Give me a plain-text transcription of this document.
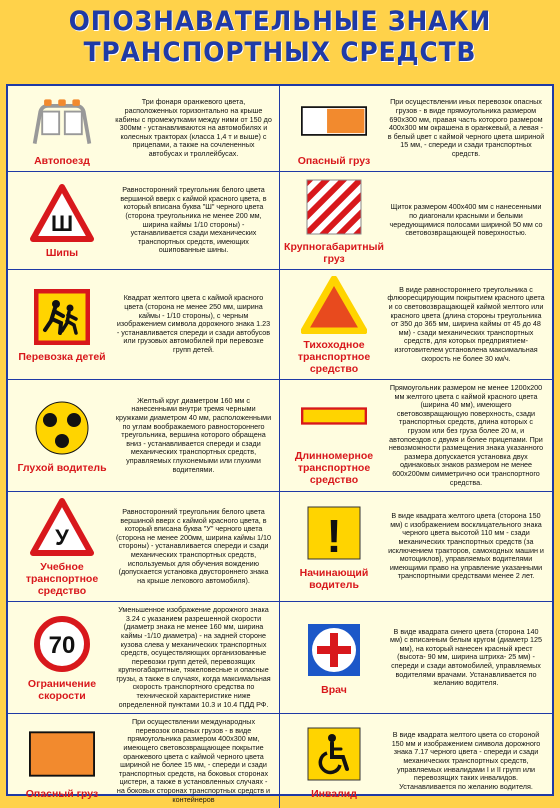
ОПОЗНАВАТЕЛЬНЫЕ ЗНАКИ
ТРАНСПОРТНЫХ СРЕДСТВ
Автопоезд
Три фонаря оранжевого цвета, расположенных горизонтально на крыше кабины с промежутками между ними от 150 до 300мм - устанавливаются на автомобилях и колесных тракторах (класса 1,4 т и выше) с прицепами, а также на сочлененных автобусах и троллейбусах.
Опасный груз
При осуществлении иных перевозок опасных грузов - в виде прямоугольника размером 690х300 мм, правая часть которого размером 400х300 мм окрашена в оранжевый, а левая - в белый цвет с каймой черного цвета шириной 15 мм, - спереди и сзади транспортных средств.
Ш
Шипы
Равносторонний треугольник белого цвета вершиной вверх с каймой красного цвета, в который вписана буква "Ш" черного цвета (сторона треугольника не менее 200 мм, ширина каймы 1/10 стороны) - устанавливается сзади механических транспортных средств, имеющих ошипованные шины.	Крупногабаритный груз
Щиток размером 400х400 мм с нанесенными по диагонали красными и белыми чередующимися полосами шириной 50 мм со световозвращающей поверхностью.
Перевозка детей
Квадрат желтого цвета с каймой красного цвета (сторона не менее 250 мм, ширина каймы - 1/10 стороны), с черным изображением символа дорожного знака 1.23 - устанавливается спереди и сзади автобусов или грузовых автомобилей при перевозке групп детей.	Тихоходное транспортное средство
В виде равностороннего треугольника с флюоресцирующим покрытием красного цвета и со световозвращающей каймой желтого или красного цвета (длина стороны треугольника от 350 до 365 мм, ширина каймы от 45 до 48 мм) - сзади механических транспортных средств, для которых предприятием-изготовителем установлена максимальная скорость не более 30 км/ч.
Глухой водитель
Желтый круг диаметром 160 мм с нанесенными внутри тремя черными кружками диаметром 40 мм, расположенными по углам воображаемого равностороннего треугольника, вершина которого обращена вниз - устанавливается спереди и сзади механических транспортных средств, управляемых глухонемыми или глухими водителями.
Длинномерное транспортное средство
Прямоугольник размером не менее 1200х200 мм желтого цвета с каймой красного цвета (ширина 40 мм), имеющего световозвращающую поверхность, сзади транспортных средств, длина которых с грузом или без груза более 20 м, и автопоездов с двумя и более прицепами. При невозможности размещения знака указанного размера допускается установка двух одинаковых знаков размером не менее 600х200мм симметрично оси транспортного средства.
У
Учебное транспортное средство
Равносторонний треугольник белого цвета вершиной вверх с каймой красного цвета, в который вписана буква "У" черного цвета (сторона не менее 200мм, ширина каймы 1/10 стороны) - устанавливается спереди и сзади механических транспортных средств, используемых для обучения вождению (допускается установка двустороннего знака на крыше легкового автомобиля).
!
Начинающий водитель
В виде квадрата желтого цвета (сторона 150 мм) с изображением восклицательного знака черного цвета высотой 110 мм - сзади механических транспортных средств (за исключением тракторов, самоходных машин и мотоциклов), управляемых водителями имеющими право на управление указанными транспортными средствами менее 2 лет.
70
Ограничение скорости
Уменьшенное изображение дорожного знака 3.24 с указанием разрешенной скорости (диаметр знака не менее 160 мм, ширина каймы -1/10 диаметра) - на задней стороне кузова слева у механических транспортных средств, осуществляющих организованные перевозки групп детей, перевозящих крупногабаритные, тяжеловесные и опасные грузы, а также в случаях, когда максимальная скорость транспортного средства по технической характеристике ниже определенной пунктами 10.3 и 10.4 ПДД РФ.
Врач
В виде квадрата синего цвета (сторона 140 мм) с вписанным белым кругом (диаметр 125 мм), на который нанесен красный крест (высота- 90 мм, ширина штриха- 25 мм) - спереди и сзади автомобилей, управляемых водителями врачами. Устанавливается по желанию водителя.
Опасный груз
При осуществлении международных перевозок опасных грузов - в виде прямоугольника размером 400х300 мм, имеющего световозвращающее покрытие оранжевого цвета с каймой черного цвета шириной не более 15 мм, - спереди и сзади транспортных средств, на боковых сторонах цистерн, а также в установленных случаях - на боковых сторонах транспортных средств и контейнеров	Инвалид
В виде квадрата желтого цвета со стороной 150 мм и изображением символа дорожного знака 7.17 черного цвета - спереди и сзади механических транспортных средств, управляемых инвалидами I и II групп или перевозящих таких инвалидов. Устанавливается по желанию водителя.
